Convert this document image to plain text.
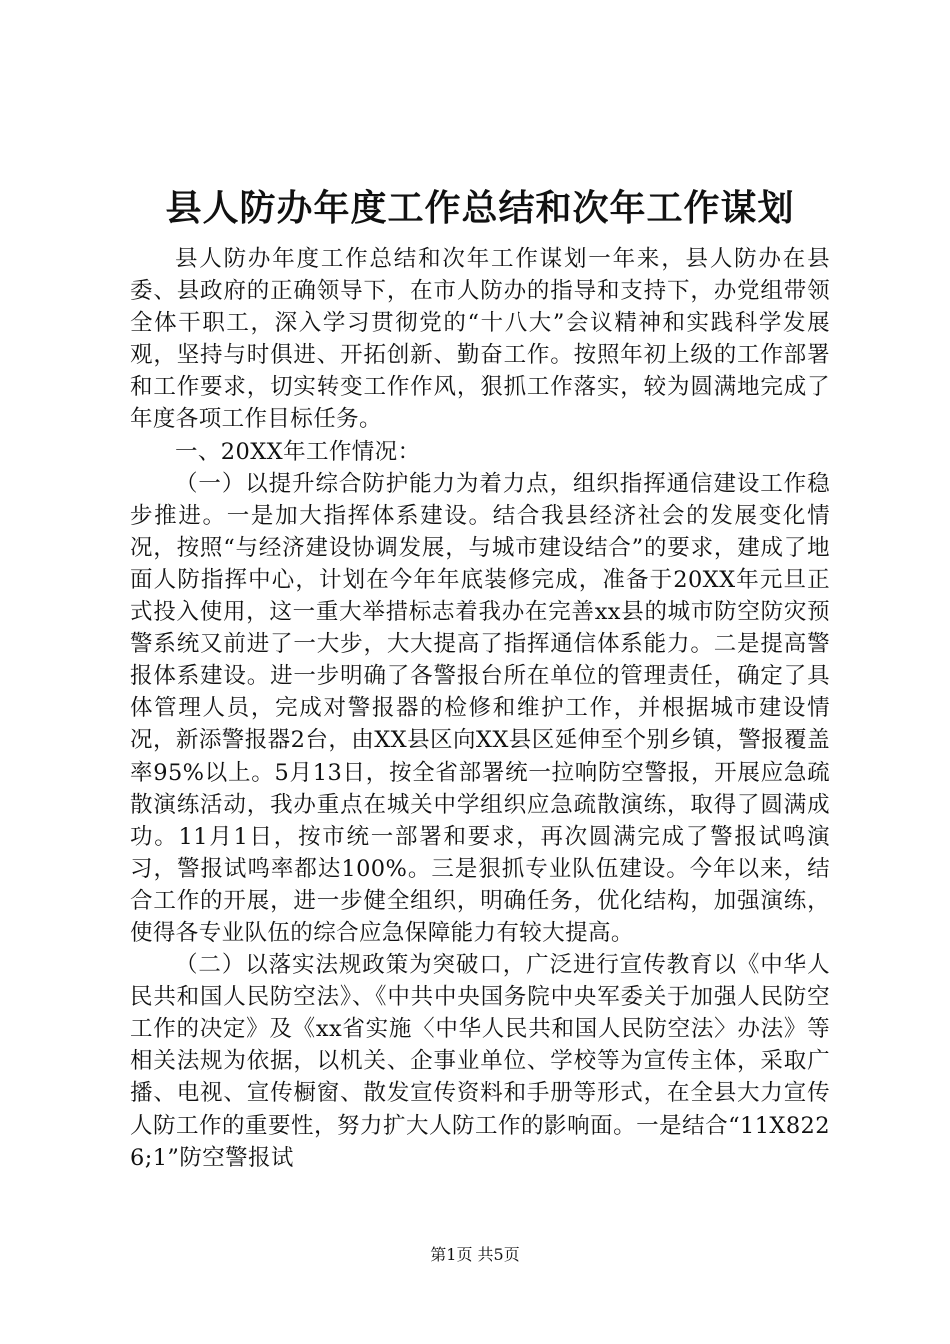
县人防办年度工作总结和次年工作谋划

县人防办年度工作总结和次年工作谋划一年来，县人防办在县委、县政府的正确领导下，在市人防办的指导和支持下，办党组带领全体干职工，深入学习贯彻党的“十八大”会议精神和实践科学发展观，坚持与时俱进、开拓创新、勤奋工作。按照年初上级的工作部署和工作要求，切实转变工作作风，狠抓工作落实，较为圆满地完成了年度各项工作目标任务。

一、20XX年工作情况：

（一）以提升综合防护能力为着力点，组织指挥通信建设工作稳步推进。一是加大指挥体系建设。结合我县经济社会的发展变化情况，按照“与经济建设协调发展，与城市建设结合”的要求，建成了地面人防指挥中心，计划在今年年底装修完成，准备于20XX年元旦正式投入使用，这一重大举措标志着我办在完善xx县的城市防空防灾预警系统又前进了一大步，大大提高了指挥通信体系能力。二是提高警报体系建设。进一步明确了各警报台所在单位的管理责任，确定了具体管理人员，完成对警报器的检修和维护工作，并根据城市建设情况，新添警报器2台，由XX县区向XX县区延伸至个别乡镇，警报覆盖率95%以上。5月13日，按全省部署统一拉响防空警报，开展应急疏散演练活动，我办重点在城关中学组织应急疏散演练，取得了圆满成功。11月1日，按市统一部署和要求，再次圆满完成了警报试鸣演习，警报试鸣率都达100%。三是狠抓专业队伍建设。今年以来，结合工作的开展，进一步健全组织，明确任务，优化结构，加强演练，使得各专业队伍的综合应急保障能力有较大提高。

（二）以落实法规政策为突破口，广泛进行宣传教育以《中华人民共和国人民防空法》、《中共中央国务院中央军委关于加强人民防空工作的决定》及《xx省实施〈中华人民共和国人民防空法〉办法》等相关法规为依据，以机关、企事业单位、学校等为宣传主体，采取广播、电视、宣传橱窗、散发宣传资料和手册等形式，在全县大力宣传人防工作的重要性，努力扩大人防工作的影响面。一是结合“11X8226;1”防空警报试

第1页 共5页
